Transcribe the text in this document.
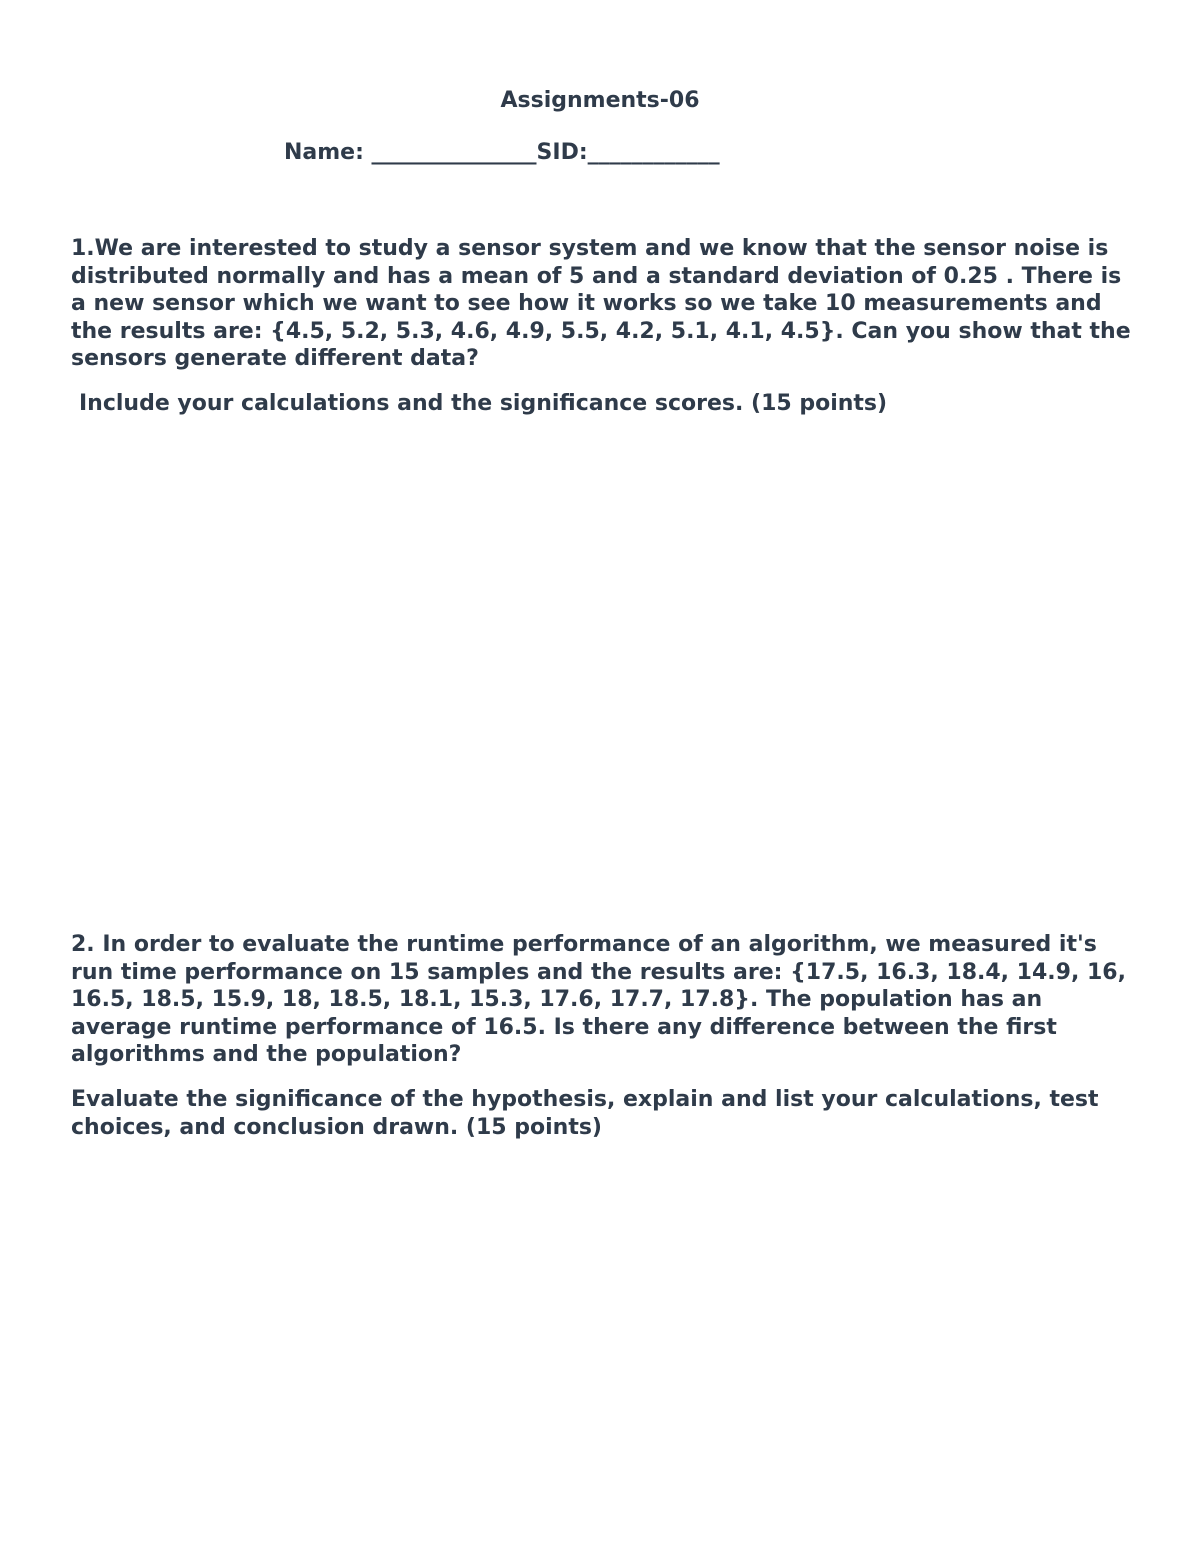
Assignments-06
Name: _______________SID:____________

1.We are interested to study a sensor system and we know that the sensor noise is distributed normally and has a mean of 5 and a standard deviation of 0.25 . There is a new sensor which we want to see how it works so we take 10 measurements and the results are: {4.5, 5.2, 5.3, 4.6, 4.9, 5.5, 4.2, 5.1, 4.1, 4.5}. Can you show that the sensors generate different data?

Include your calculations and the significance scores. (15 points)

2. In order to evaluate the runtime performance of an algorithm, we measured it's run time performance on 15 samples and the results are: {17.5, 16.3, 18.4, 14.9, 16, 16.5, 18.5, 15.9, 18, 18.5, 18.1, 15.3, 17.6, 17.7, 17.8}. The population has an average runtime performance of 16.5. Is there any difference between the first algorithms and the population?

Evaluate the significance of the hypothesis, explain and list your calculations, test choices, and conclusion drawn. (15 points)
